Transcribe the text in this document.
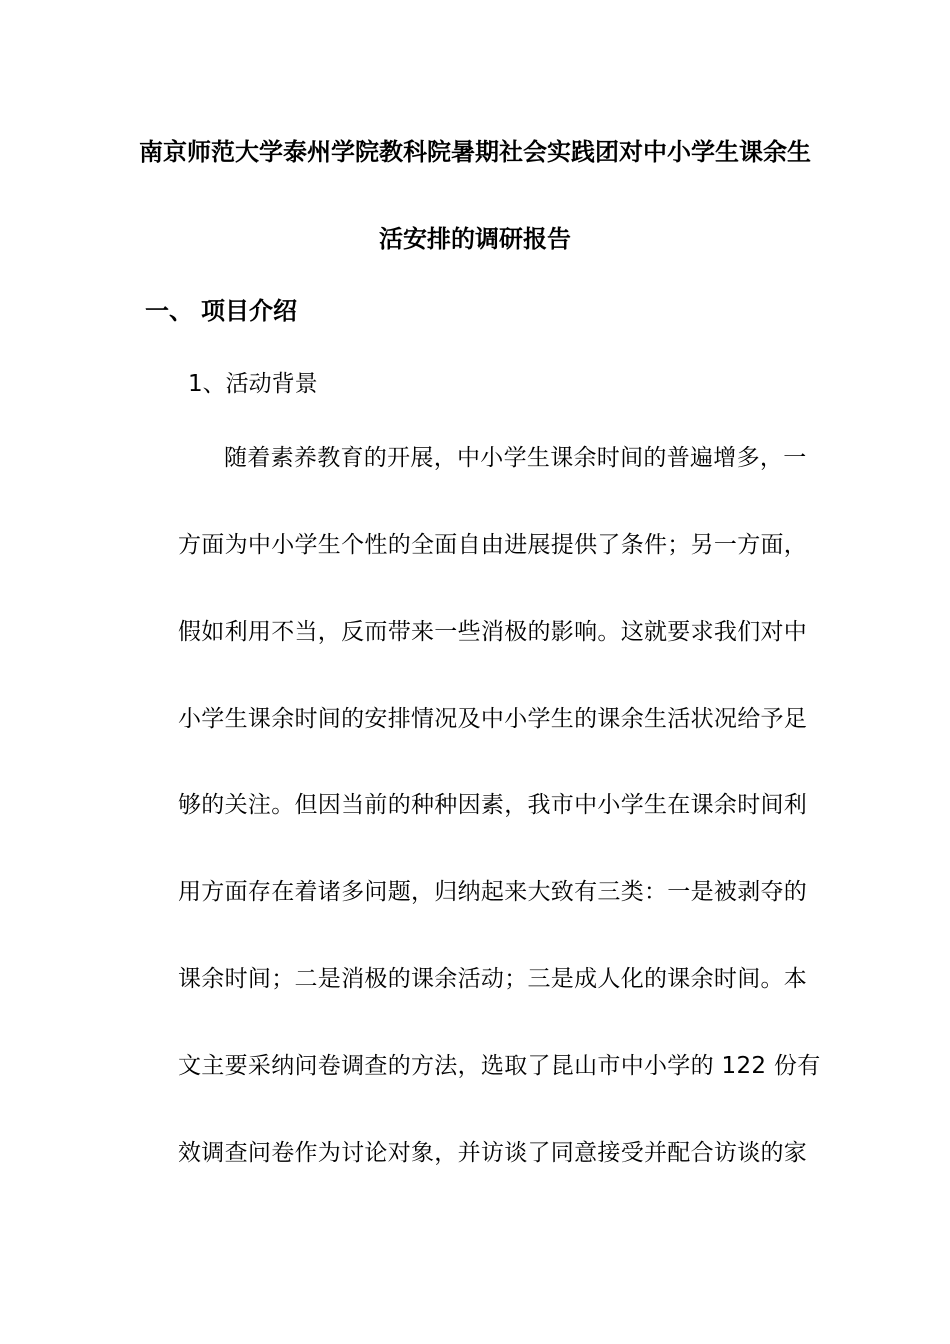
南京师范大学泰州学院教科院暑期社会实践团对中小学生课余生
活安排的调研报告
一、 项目介绍
1、活动背景
随着素养教育的开展，中小学生课余时间的普遍增多，一
方面为中小学生个性的全面自由进展提供了条件；另一方面，
假如利用不当，反而带来一些消极的影响。这就要求我们对中
小学生课余时间的安排情况及中小学生的课余生活状况给予足
够的关注。但因当前的种种因素，我市中小学生在课余时间利
用方面存在着诸多问题，归纳起来大致有三类：一是被剥夺的
课余时间；二是消极的课余活动；三是成人化的课余时间。本
文主要采纳问卷调查的方法，选取了昆山市中小学的 122 份有
效调查问卷作为讨论对象，并访谈了同意接受并配合访谈的家
